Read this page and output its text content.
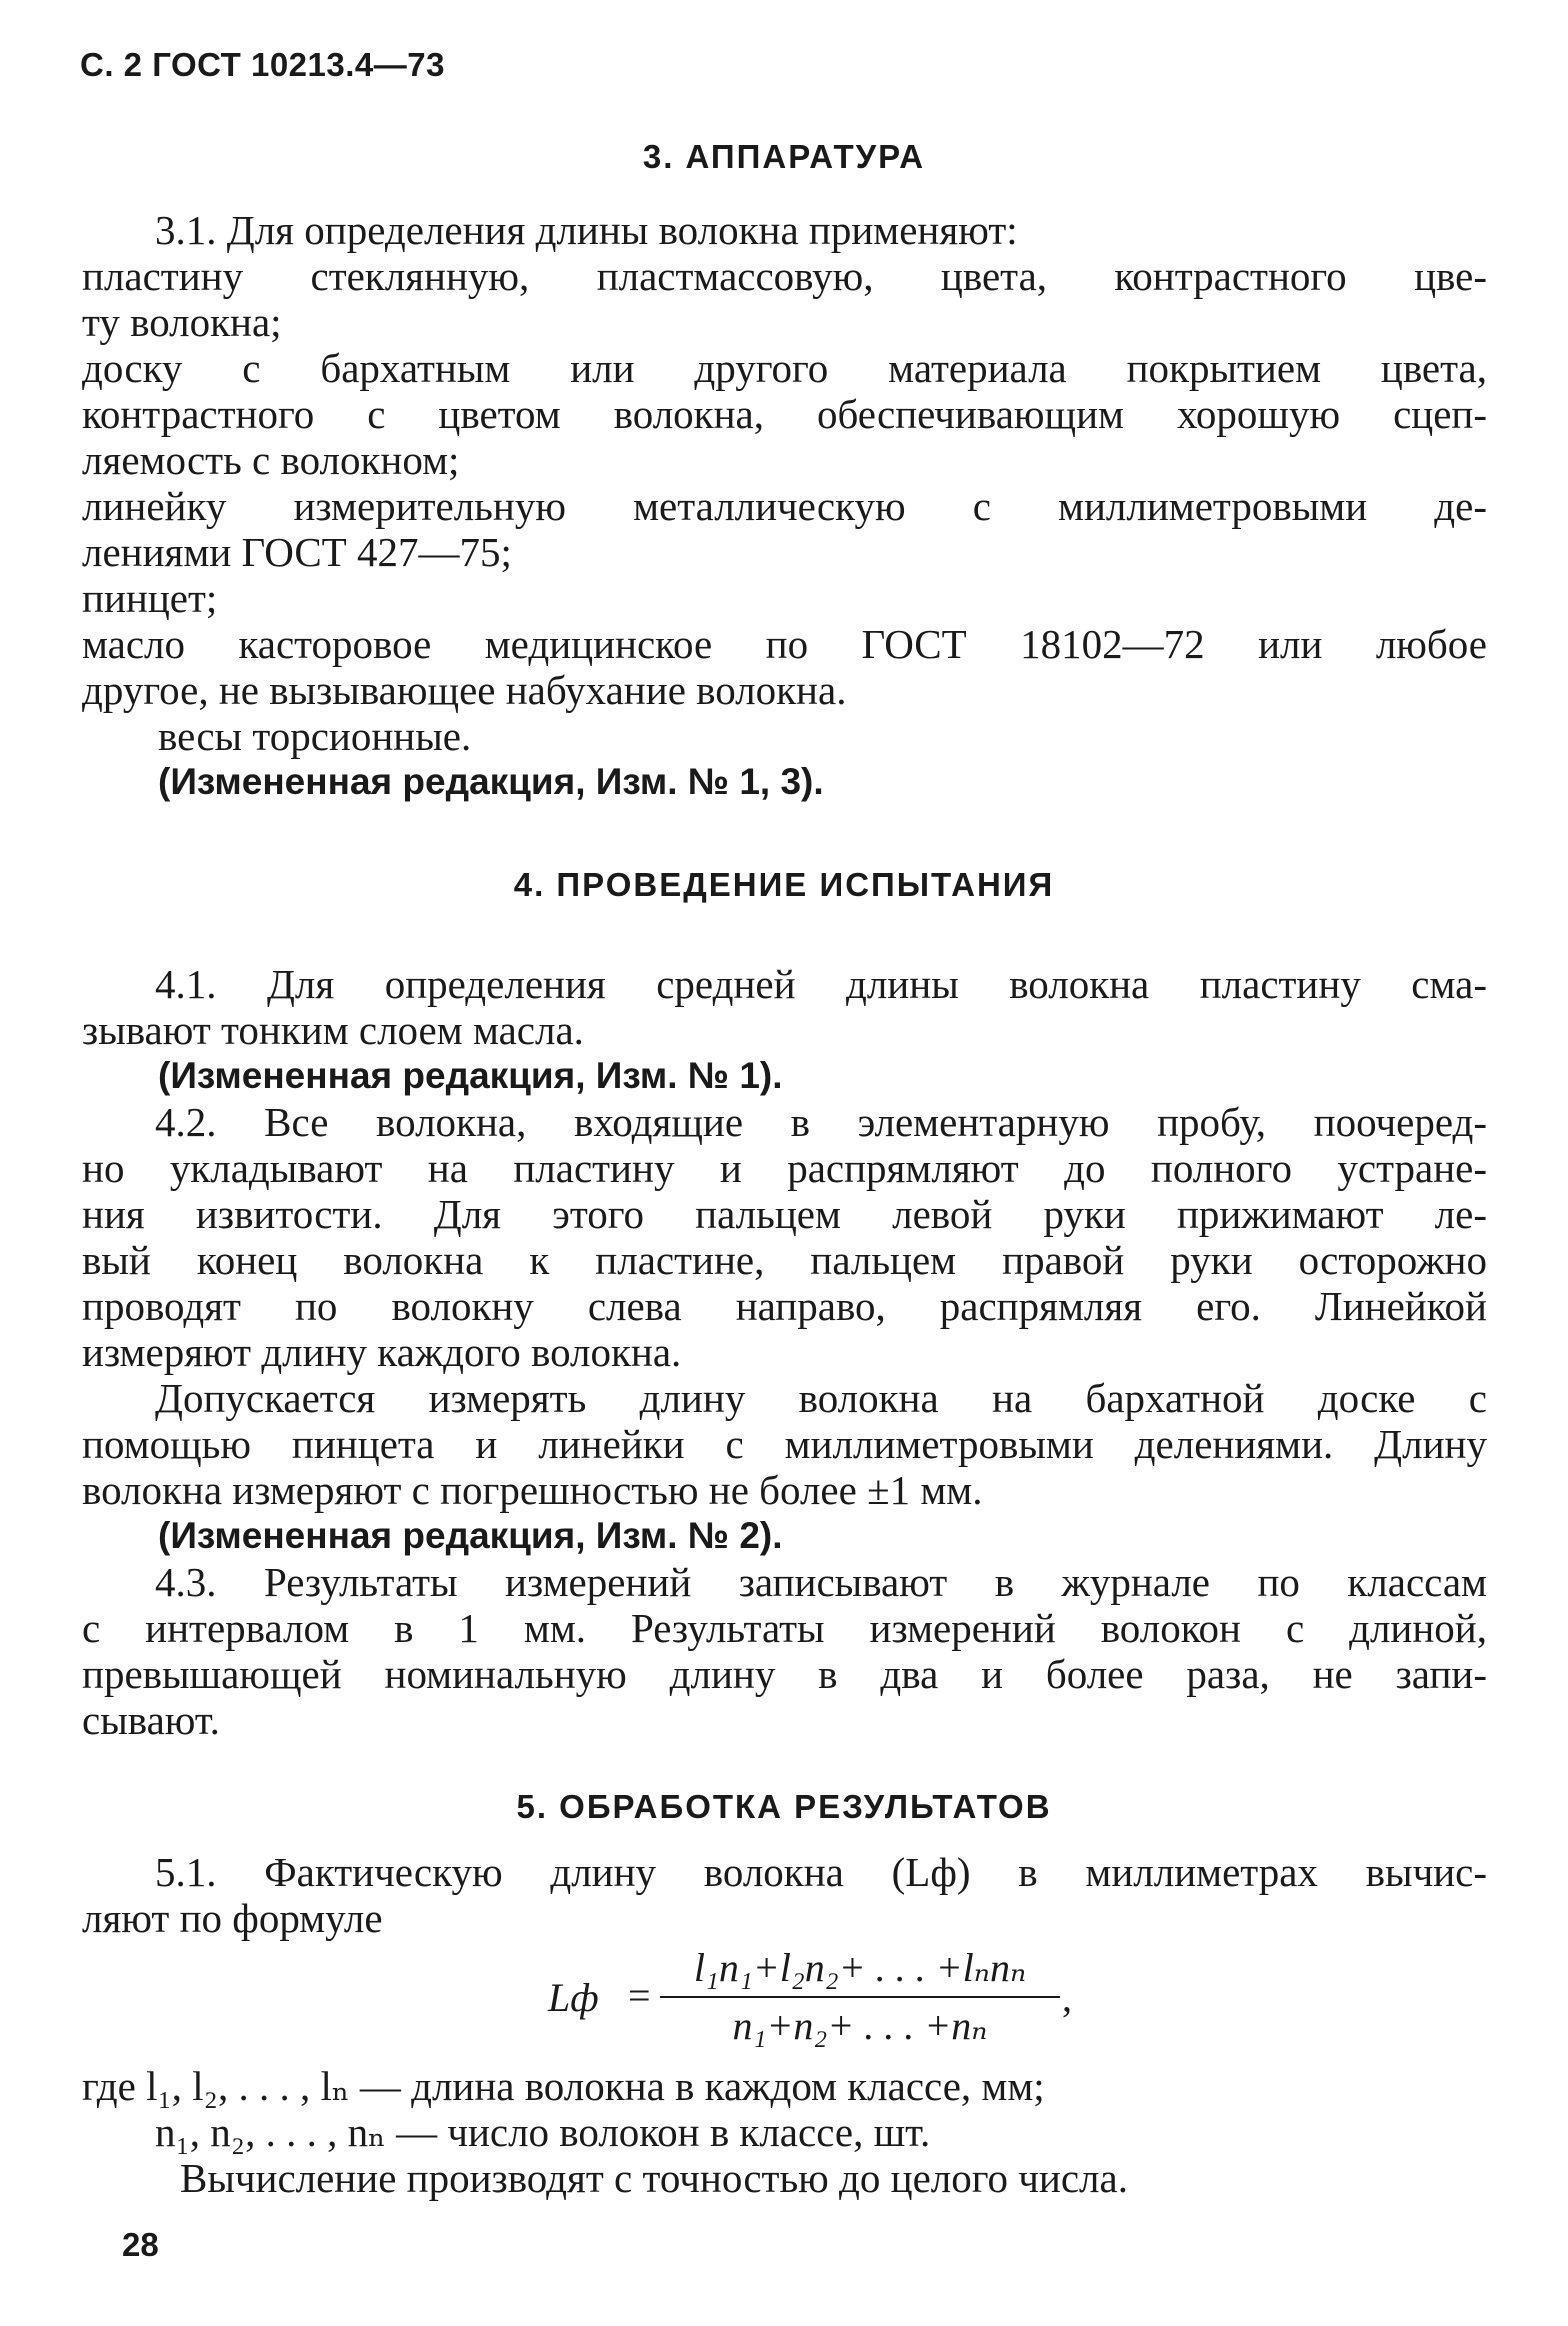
С. 2 ГОСТ 10213.4—73
3. АППАРАТУРА
3.1. Для определения длины волокна применяют:
пластину стеклянную, пластмассовую, цвета, контрастного цве-
ту волокна;
доску с бархатным или другого материала покрытием цвета,
контрастного с цветом волокна, обеспечивающим хорошую сцеп-
ляемость с волокном;
линейку измерительную металлическую с миллиметровыми де-
лениями ГОСТ 427—75;
пинцет;
масло касторовое медицинское по ГОСТ 18102—72 или любое
другое, не вызывающее набухание волокна.
весы торсионные.
(Измененная редакция, Изм. № 1, 3).
4. ПРОВЕДЕНИЕ ИСПЫТАНИЯ
4.1. Для определения средней длины волокна пластину сма-
зывают тонким слоем масла.
(Измененная редакция, Изм. № 1).
4.2. Все волокна, входящие в элементарную пробу, поочеред-
но укладывают на пластину и распрямляют до полного устране-
ния извитости. Для этого пальцем левой руки прижимают ле-
вый конец волокна к пластине, пальцем правой руки осторожно
проводят по волокну слева направо, распрямляя его. Линейкой
измеряют длину каждого волокна.
Допускается измерять длину волокна на бархатной доске с
помощью пинцета и линейки с миллиметровыми делениями. Длину
волокна измеряют с погрешностью не более ±1 мм.
(Измененная редакция, Изм. № 2).
4.3. Результаты измерений записывают в журнале по классам
с интервалом в 1 мм. Результаты измерений волокон с длиной,
превышающей номинальную длину в два и более раза, не запи-
сывают.
5. ОБРАБОТКА РЕЗУЛЬТАТОВ
5.1. Фактическую длину волокна (Lф) в миллиметрах вычис-
ляют по формуле
Lф =
l₁n₁+l₂n₂+ . . . +lₙnₙ
n₁+n₂+ . . . +nₙ
,
где l₁, l₂, . . . , lₙ — длина волокна в каждом классе, мм;
n₁, n₂, . . . , nₙ — число волокон в классе, шт.
Вычисление производят с точностью до целого числа.
28
